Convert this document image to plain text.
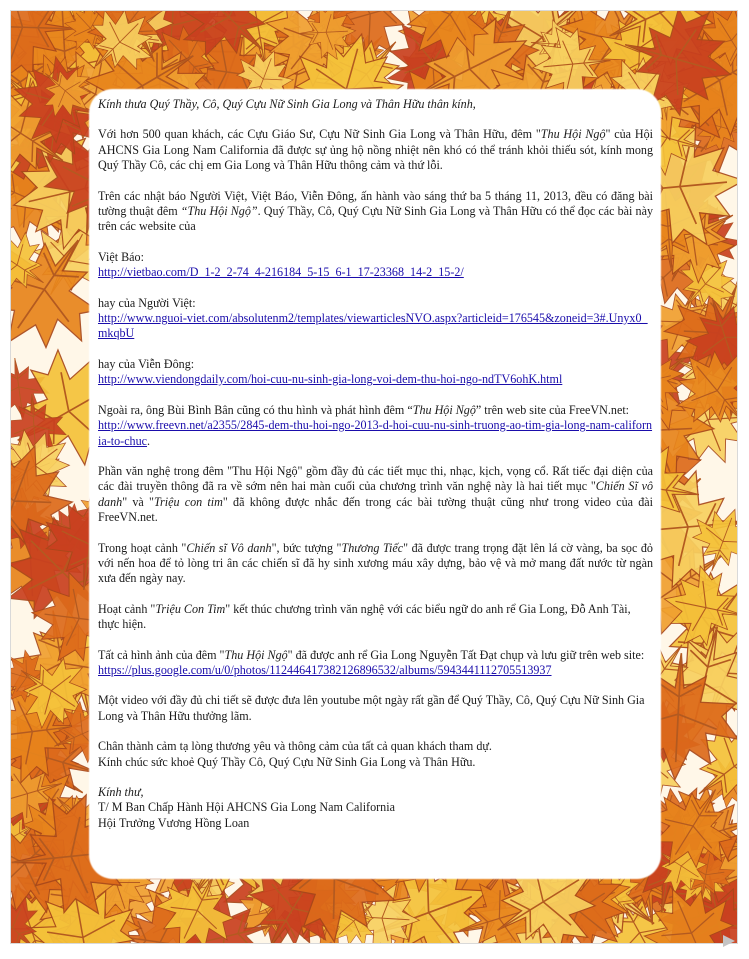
Kính thưa Quý Thầy, Cô, Quý Cựu Nữ Sinh Gia Long và Thân Hữu thân kính,

Với hơn 500 quan khách, các Cựu Giáo Sư, Cựu Nữ Sinh Gia Long và Thân Hữu, đêm "Thu Hội Ngộ" của Hội AHCNS Gia Long Nam California đã được sự ủng hộ nồng nhiệt nên khó có thể tránh khỏi thiếu sót, kính mong Quý Thầy Cô, các chị em Gia Long và Thân Hữu thông cảm và thứ lỗi.

Trên các nhật báo Người Việt, Việt Báo, Viễn Đông, ấn hành vào sáng thứ ba 5 tháng 11, 2013, đều có đăng bài tường thuật đêm “Thu Hội Ngộ”. Quý Thầy, Cô, Quý Cựu Nữ Sinh Gia Long và Thân Hữu có thể đọc các bài này trên các website của

Việt Báo:
http://vietbao.com/D_1-2_2-74_4-216184_5-15_6-1_17-23368_14-2_15-2/

hay của Người Việt:
http://www.nguoi-viet.com/absolutenm2/templates/viewarticlesNVO.aspx?articleid=176545&zoneid=3#.Unyx0_mkqbU

hay của Viễn Đông:
http://www.viendongdaily.com/hoi-cuu-nu-sinh-gia-long-voi-dem-thu-hoi-ngo-ndTV6ohK.html

Ngoài ra, ông Bùi Bình Bân cũng có thu hình và phát hình đêm “Thu Hội Ngộ” trên web site của FreeVN.net:
http://www.freevn.net/a2355/2845-dem-thu-hoi-ngo-2013-d-hoi-cuu-nu-sinh-truong-ao-tim-gia-long-nam-california-to-chuc.

Phần văn nghệ trong đêm "Thu Hội Ngộ" gồm đầy đủ các tiết mục thi, nhạc, kịch, vọng cổ. Rất tiếc đại diện của các đài truyền thông đã ra về sớm nên hai màn cuối của chương trình văn nghệ này là hai tiết mục "Chiến Sĩ vô danh" và "Triệu con tim" đã không được nhắc đến trong các bài tường thuật cũng như trong video của đài FreeVN.net.

Trong hoạt cảnh "Chiến sĩ Vô danh", bức tượng "Thương Tiếc" đã được trang trọng đặt lên lá cờ vàng, ba sọc đỏ với nến hoa để tỏ lòng tri ân các chiến sĩ đã hy sinh xương máu xây dựng, bảo vệ và mở mang đất nước từ ngàn xưa đến ngày nay.

Hoạt cảnh "Triệu Con Tim" kết thúc chương trình văn nghệ với các biểu ngữ do anh rể Gia Long, Đỗ Anh Tài, thực hiện.

Tất cả hình ảnh của đêm "Thu Hội Ngộ" đã được anh rể Gia Long Nguyễn Tất Đạt chụp và lưu giữ trên web site:
https://plus.google.com/u/0/photos/112446417382126896532/albums/5943441112705513937

Một video với đầy đủ chi tiết sẽ được đưa lên youtube một ngày rất gần để Quý Thầy, Cô, Quý Cựu Nữ Sinh Gia Long và Thân Hữu thưởng lãm.

Chân thành cảm tạ lòng thương yêu và thông cảm của tất cả quan khách tham dự.
Kính chúc sức khoẻ Quý Thầy Cô, Quý Cựu Nữ Sinh Gia Long và Thân Hữu.

Kính thư,
T/ M Ban Chấp Hành Hội AHCNS Gia Long Nam California
Hội Trưởng Vương Hồng Loan
